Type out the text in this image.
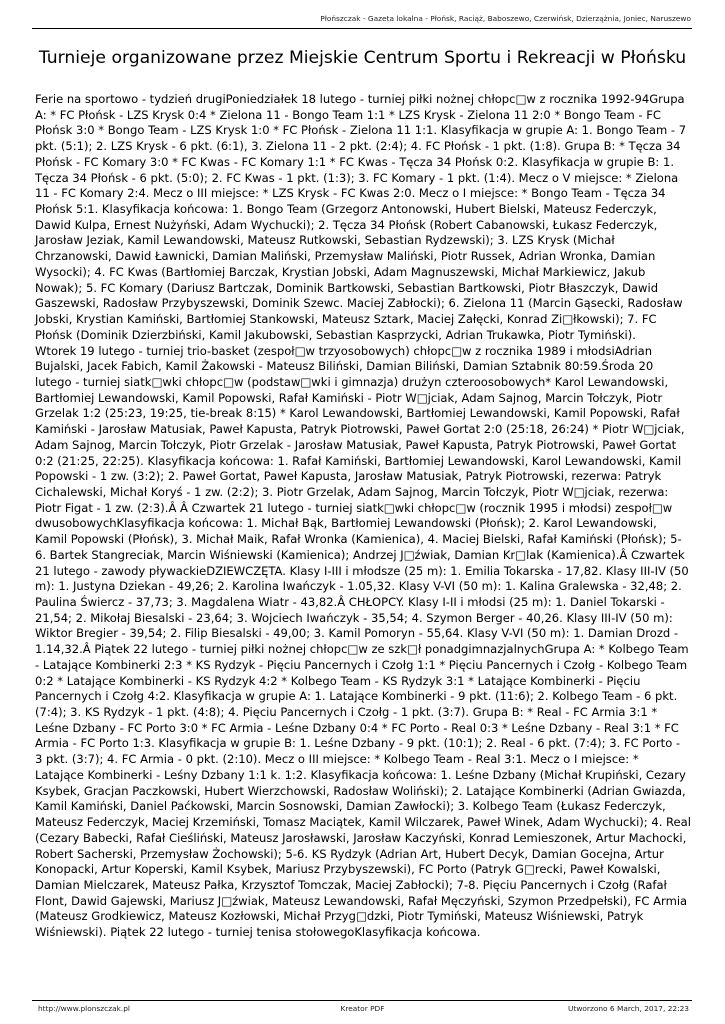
Płońszczak - Gazeta lokalna - Płońsk, Raciąż, Baboszewo, Czerwińsk, Dzierzążnia, Joniec, Naruszewo
Turnieje organizowane przez Miejskie Centrum Sportu i Rekreacji w Płońsku

Ferie na sportowo - tydzień drugiPoniedziałek 18 lutego - turniej piłki nożnej chłopc□w z rocznika 1992-94Grupa A: * FC Płońsk - LZS Krysk 0:4 * Zielona 11 - Bongo Team 1:1 * LZS Krysk - Zielona 11 2:0 * Bongo Team - FC Płońsk 3:0 * Bongo Team - LZS Krysk 1:0 * FC Płońsk - Zielona 11 1:1. Klasyfikacja w grupie A: 1. Bongo Team - 7 pkt. (5:1); 2. LZS Krysk - 6 pkt. (6:1), 3. Zielona 11 - 2 pkt. (2:4); 4. FC Płońsk - 1 pkt. (1:8). Grupa B: * Tęcza 34 Płońsk - FC Komary 3:0 * FC Kwas - FC Komary 1:1 * FC Kwas - Tęcza 34 Płońsk 0:2. Klasyfikacja w grupie B: 1. Tęcza 34 Płońsk - 6 pkt. (5:0); 2. FC Kwas - 1 pkt. (1:3); 3. FC Komary - 1 pkt. (1:4). Mecz o V miejsce: * Zielona 11 - FC Komary 2:4. Mecz o III miejsce: * LZS Krysk - FC Kwas 2:0. Mecz o I miejsce: * Bongo Team - Tęcza 34 Płońsk 5:1. Klasyfikacja końcowa: 1. Bongo Team (Grzegorz Antonowski, Hubert Bielski, Mateusz Federczyk, Dawid Kulpa, Ernest Nużyński, Adam Wychucki); 2. Tęcza 34 Płońsk (Robert Cabanowski, Łukasz Federczyk, Jarosław Jeziak, Kamil Lewandowski, Mateusz Rutkowski, Sebastian Rydzewski); 3. LZS Krysk (Michał Chrzanowski, Dawid Ławnicki, Damian Maliński, Przemysław Maliński, Piotr Russek, Adrian Wronka, Damian Wysocki); 4. FC Kwas (Bartłomiej Barczak, Krystian Jobski, Adam Magnuszewski, Michał Markiewicz, Jakub Nowak); 5. FC Komary (Dariusz Bartczak, Dominik Bartkowski, Sebastian Bartkowski, Piotr Błaszczyk, Dawid Gaszewski, Radosław Przybyszewski, Dominik Szewc. Maciej Zabłocki); 6. Zielona 11 (Marcin Gąsecki, Radosław Jobski, Krystian Kamiński, Bartłomiej Stankowski, Mateusz Sztark, Maciej Załęcki, Konrad Zi□łkowski); 7. FC Płońsk (Dominik Dzierzbiński, Kamil Jakubowski, Sebastian Kasprzycki, Adrian Trukawka, Piotr Tymiński).

Wtorek 19 lutego - turniej trio-basket (zespoł□w trzyosobowych) chłopc□w z rocznika 1989 i młodsiAdrian Bujalski, Jacek Fabich, Kamil Żakowski - Mateusz Biliński, Damian Biliński, Damian Sztabnik 80:59.Środa 20 lutego - turniej siatk□wki chłopc□w (podstaw□wki i gimnazja) drużyn czteroosobowych* Karol Lewandowski, Bartłomiej Lewandowski, Kamil Popowski, Rafał Kamiński - Piotr W□jciak, Adam Sajnog, Marcin Tołczyk, Piotr Grzelak 1:2 (25:23, 19:25, tie-break 8:15) * Karol Lewandowski, Bartłomiej Lewandowski, Kamil Popowski, Rafał Kamiński - Jarosław Matusiak, Paweł Kapusta, Patryk Piotrowski, Paweł Gortat 2:0 (25:18, 26:24) * Piotr W□jciak, Adam Sajnog, Marcin Tołczyk, Piotr Grzelak - Jarosław Matusiak, Paweł Kapusta, Patryk Piotrowski, Paweł Gortat 0:2 (21:25, 22:25). Klasyfikacja końcowa: 1. Rafał Kamiński, Bartłomiej Lewandowski, Karol Lewandowski, Kamil Popowski - 1 zw. (3:2); 2. Paweł Gortat, Paweł Kapusta, Jarosław Matusiak, Patryk Piotrowski, rezerwa: Patryk Cichalewski, Michał Koryś - 1 zw. (2:2); 3. Piotr Grzelak, Adam Sajnog, Marcin Tołczyk, Piotr W□jciak, rezerwa: Piotr Figat - 1 zw. (2:3).Â Â Czwartek 21 lutego - turniej siatk□wki chłopc□w (rocznik 1995 i młodsi) zespoł□w dwusobowychKlasyfikacja końcowa: 1. Michał Bąk, Bartłomiej Lewandowski (Płońsk); 2. Karol Lewandowski, Kamil Popowski (Płońsk), 3. Michał Maik, Rafał Wronka (Kamienica), 4. Maciej Bielski, Rafał Kamiński (Płońsk); 5-6. Bartek Stangreciak, Marcin Wiśniewski (Kamienica); Andrzej J□źwiak, Damian Kr□lak (Kamienica).Â Czwartek 21 lutego - zawody pływackieDZIEWCZĘTA. Klasy I-III i młodsze (25 m): 1. Emilia Tokarska - 17,82. Klasy III-IV (50 m): 1. Justyna Dziekan - 49,26; 2. Karolina Iwańczyk - 1.05,32. Klasy V-VI (50 m): 1. Kalina Gralewska - 32,48; 2. Paulina Świercz - 37,73; 3. Magdalena Wiatr - 43,82.Â CHŁOPCY. Klasy I-II i młodsi (25 m): 1. Daniel Tokarski - 21,54; 2. Mikołaj Biesalski - 23,64; 3. Wojciech Iwańczyk - 35,54; 4. Szymon Berger - 40,26. Klasy III-IV (50 m): Wiktor Bregier - 39,54; 2. Filip Biesalski - 49,00; 3. Kamil Pomoryn - 55,64. Klasy V-VI (50 m): 1. Damian Drozd - 1.14,32.Â Piątek 22 lutego - turniej piłki nożnej chłopc□w ze szk□ł ponadgimnazjalnychGrupa A: * Kolbego Team - Latające Kombinerki 2:3 * KS Rydzyk - Pięciu Pancernych i Czołg 1:1 * Pięciu Pancernych i Czołg - Kolbego Team 0:2 * Latające Kombinerki - KS Rydzyk 4:2 * Kolbego Team - KS Rydzyk 3:1 * Latające Kombinerki - Pięciu Pancernych i Czołg 4:2. Klasyfikacja w grupie A: 1. Latające Kombinerki - 9 pkt. (11:6); 2. Kolbego Team - 6 pkt. (7:4); 3. KS Rydzyk - 1 pkt. (4:8); 4. Pięciu Pancernych i Czołg - 1 pkt. (3:7). Grupa B: * Real - FC Armia 3:1 * Leśne Dzbany - FC Porto 3:0 * FC Armia - Leśne Dzbany 0:4 * FC Porto - Real 0:3 * Leśne Dzbany - Real 3:1 * FC Armia - FC Porto 1:3. Klasyfikacja w grupie B: 1. Leśne Dzbany - 9 pkt. (10:1); 2. Real - 6 pkt. (7:4); 3. FC Porto - 3 pkt. (3:7); 4. FC Armia - 0 pkt. (2:10). Mecz o III miejsce: * Kolbego Team - Real 3:1. Mecz o I miejsce: * Latające Kombinerki - Leśny Dzbany 1:1 k. 1:2. Klasyfikacja końcowa: 1. Leśne Dzbany (Michał Krupiński, Cezary Ksybek, Gracjan Paczkowski, Hubert Wierzchowski, Radosław Woliński); 2. Latające Kombinerki (Adrian Gwiazda, Kamil Kamiński, Daniel Paćkowski, Marcin Sosnowski, Damian Zawłocki); 3. Kolbego Team (Łukasz Federczyk, Mateusz Federczyk, Maciej Krzemiński, Tomasz Maciątek, Kamil Wilczarek, Paweł Winek, Adam Wychucki); 4. Real (Cezary Babecki, Rafał Cieśliński, Mateusz Jarosławski, Jarosław Kaczyński, Konrad Lemieszonek, Artur Machocki, Robert Sacherski, Przemysław Żochowski); 5-6. KS Rydzyk (Adrian Art, Hubert Decyk, Damian Gocejna, Artur Konopacki, Artur Koperski, Kamil Ksybek, Mariusz Przybyszewski), FC Porto (Patryk G□recki, Paweł Kowalski, Damian Mielczarek, Mateusz Pałka, Krzysztof Tomczak, Maciej Zabłocki); 7-8. Pięciu Pancernych i Czołg (Rafał Flont, Dawid Gajewski, Mariusz J□źwiak, Mateusz Lewandowski, Rafał Męczyński, Szymon Przedpełski), FC Armia (Mateusz Grodkiewicz, Mateusz Kozłowski, Michał Przyg□dzki, Piotr Tymiński, Mateusz Wiśniewski, Patryk Wiśniewski). Piątek 22 lutego - turniej tenisa stołowegoKlasyfikacja końcowa.

http://www.plonszczak.pl	Kreator PDF	Utworzono 6 March, 2017, 22:23
